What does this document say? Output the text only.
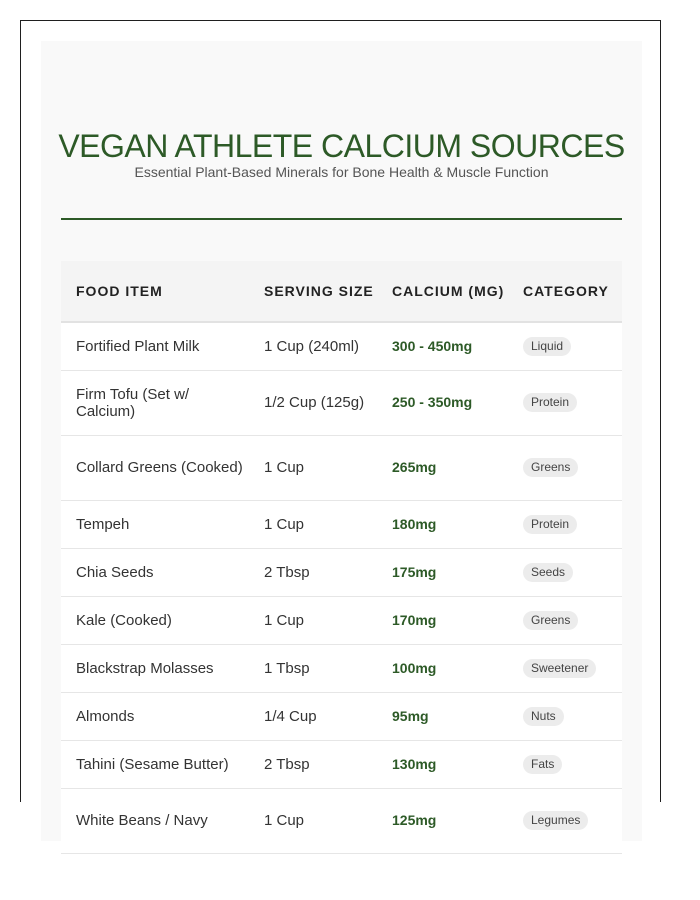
VEGAN ATHLETE CALCIUM SOURCES
Essential Plant-Based Minerals for Bone Health & Muscle Function
FOOD ITEM	SERVING SIZE	CALCIUM (MG)	CATEGORY
Fortified Plant Milk	1 Cup (240ml)	300 - 450mg	Liquid
Firm Tofu (Set w/ Calcium)	1/2 Cup (125g)	250 - 350mg	Protein
Collard Greens (Cooked)	1 Cup	265mg	Greens
Tempeh	1 Cup	180mg	Protein
Chia Seeds	2 Tbsp	175mg	Seeds
Kale (Cooked)	1 Cup	170mg	Greens
Blackstrap Molasses	1 Tbsp	100mg	Sweetener
Almonds	1/4 Cup	95mg	Nuts
Tahini (Sesame Butter)	2 Tbsp	130mg	Fats
White Beans / Navy	1 Cup	125mg	Legumes
